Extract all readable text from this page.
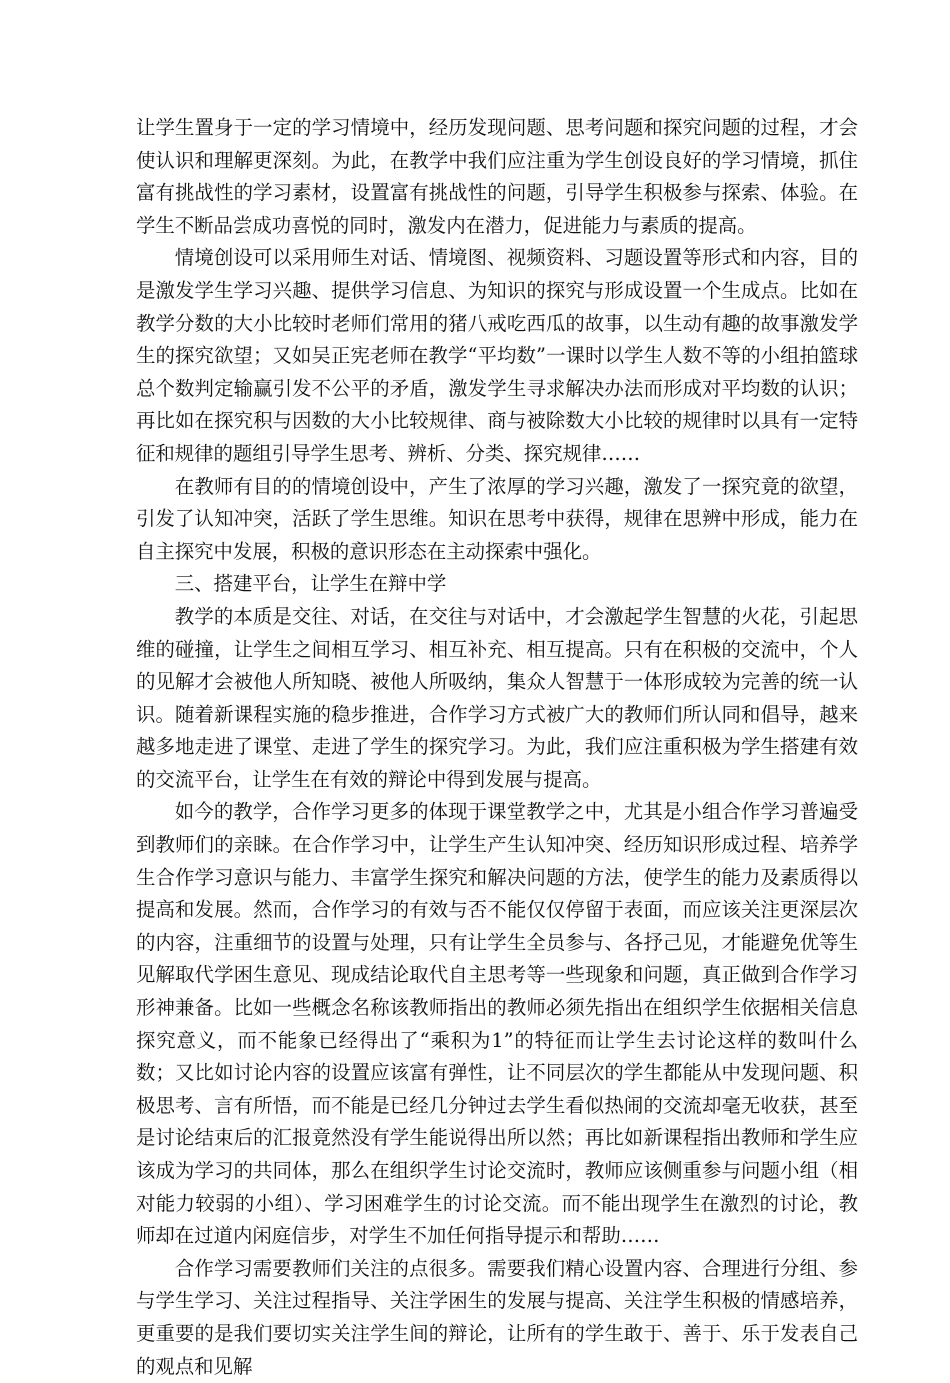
让学生置身于一定的学习情境中，经历发现问题、思考问题和探究问题的过程，才会使认识和理解更深刻。为此，在教学中我们应注重为学生创设良好的学习情境，抓住富有挑战性的学习素材，设置富有挑战性的问题，引导学生积极参与探索、体验。在学生不断品尝成功喜悦的同时，激发内在潜力，促进能力与素质的提高。

情境创设可以采用师生对话、情境图、视频资料、习题设置等形式和内容，目的是激发学生学习兴趣、提供学习信息、为知识的探究与形成设置一个生成点。比如在教学分数的大小比较时老师们常用的猪八戒吃西瓜的故事，以生动有趣的故事激发学生的探究欲望；又如吴正宪老师在教学“平均数”一课时以学生人数不等的小组拍篮球总个数判定输赢引发不公平的矛盾，激发学生寻求解决办法而形成对平均数的认识；再比如在探究积与因数的大小比较规律、商与被除数大小比较的规律时以具有一定特征和规律的题组引导学生思考、辨析、分类、探究规律……

在教师有目的的情境创设中，产生了浓厚的学习兴趣，激发了一探究竟的欲望，引发了认知冲突，活跃了学生思维。知识在思考中获得，规律在思辨中形成，能力在自主探究中发展，积极的意识形态在主动探索中强化。

三、搭建平台，让学生在辩中学

教学的本质是交往、对话，在交往与对话中，才会激起学生智慧的火花，引起思维的碰撞，让学生之间相互学习、相互补充、相互提高。只有在积极的交流中，个人的见解才会被他人所知晓、被他人所吸纳，集众人智慧于一体形成较为完善的统一认识。随着新课程实施的稳步推进，合作学习方式被广大的教师们所认同和倡导，越来越多地走进了课堂、走进了学生的探究学习。为此，我们应注重积极为学生搭建有效的交流平台，让学生在有效的辩论中得到发展与提高。

如今的教学，合作学习更多的体现于课堂教学之中，尤其是小组合作学习普遍受到教师们的亲睐。在合作学习中，让学生产生认知冲突、经历知识形成过程、培养学生合作学习意识与能力、丰富学生探究和解决问题的方法，使学生的能力及素质得以提高和发展。然而，合作学习的有效与否不能仅仅停留于表面，而应该关注更深层次的内容，注重细节的设置与处理，只有让学生全员参与、各抒己见，才能避免优等生见解取代学困生意见、现成结论取代自主思考等一些现象和问题，真正做到合作学习形神兼备。比如一些概念名称该教师指出的教师必须先指出在组织学生依据相关信息探究意义，而不能象已经得出了“乘积为1”的特征而让学生去讨论这样的数叫什么数；又比如讨论内容的设置应该富有弹性，让不同层次的学生都能从中发现问题、积极思考、言有所悟，而不能是已经几分钟过去学生看似热闹的交流却毫无收获，甚至是讨论结束后的汇报竟然没有学生能说得出所以然；再比如新课程指出教师和学生应该成为学习的共同体，那么在组织学生讨论交流时，教师应该侧重参与问题小组（相对能力较弱的小组）、学习困难学生的讨论交流。而不能出现学生在激烈的讨论，教师却在过道内闲庭信步，对学生不加任何指导提示和帮助……

合作学习需要教师们关注的点很多。需要我们精心设置内容、合理进行分组、参与学生学习、关注过程指导、关注学困生的发展与提高、关注学生积极的情感培养，更重要的是我们要切实关注学生间的辩论，让所有的学生敢于、善于、乐于发表自己的观点和见解
